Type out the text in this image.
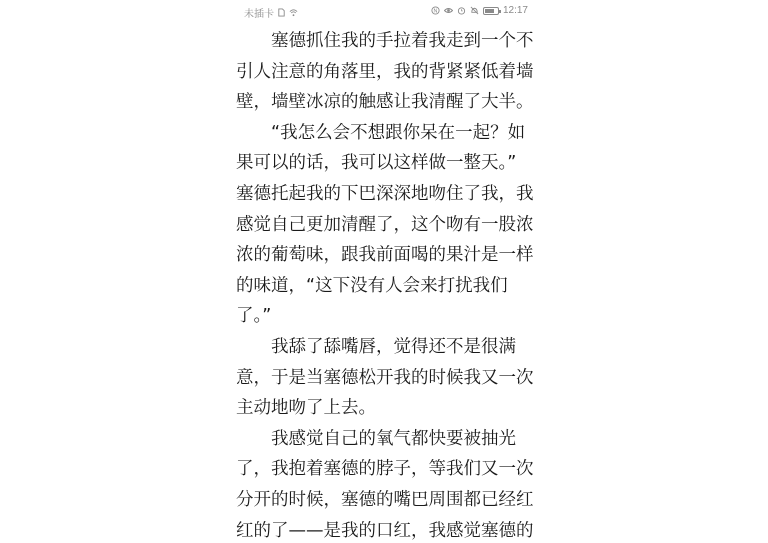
未插卡	N	12:17
塞德抓住我的手拉着我走到一个不
引人注意的角落里，我的背紧紧低着墙
壁，墙壁冰凉的触感让我清醒了大半。
“我怎么会不想跟你呆在一起？如
果可以的话，我可以这样做一整天。”
塞德托起我的下巴深深地吻住了我，我
感觉自己更加清醒了，这个吻有一股浓
浓的葡萄味，跟我前面喝的果汁是一样
的味道，“这下没有人会来打扰我们
了。”
我舔了舔嘴唇，觉得还不是很满
意，于是当塞德松开我的时候我又一次
主动地吻了上去。
我感觉自己的氧气都快要被抽光
了，我抱着塞德的脖子，等我们又一次
分开的时候，塞德的嘴巴周围都已经红
红的了——是我的口红，我感觉塞德的
